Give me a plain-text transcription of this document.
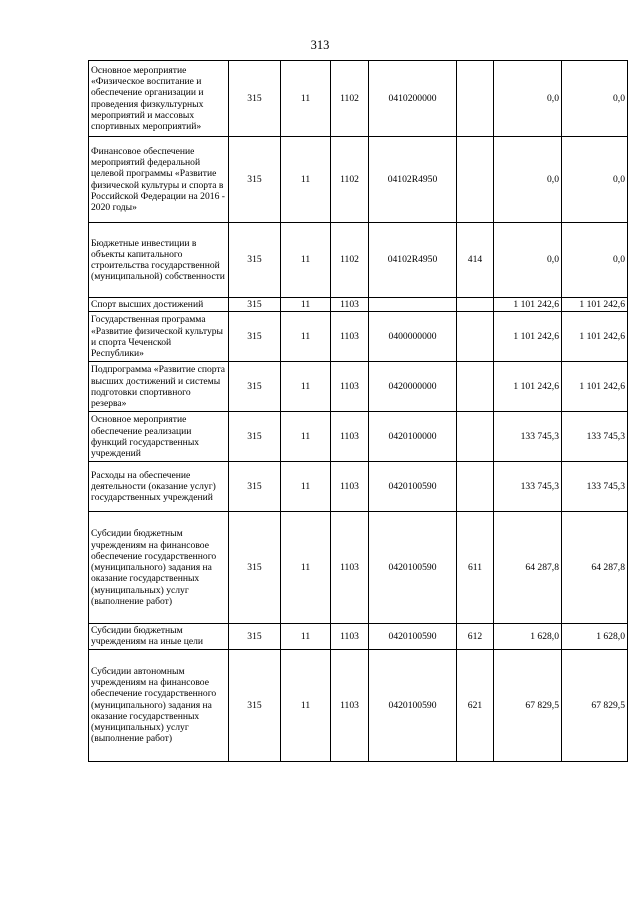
313
Основное мероприятие «Физическое воспитание и обеспечение организации и проведения физкультурных мероприятий и массовых спортивных мероприятий»	315	11	1102	0410200000		0,0	0,0
Финансовое обеспечение мероприятий федеральной целевой программы «Развитие физической культуры и спорта в Российской Федерации на 2016 - 2020 годы»	315	11	1102	04102R4950		0,0	0,0
Бюджетные инвестиции в объекты капитального строительства государственной (муниципальной) собственности	315	11	1102	04102R4950	414	0,0	0,0
Спорт высших достижений	315	11	1103			1 101 242,6	1 101 242,6
Государственная программа «Развитие физической культуры и спорта Чеченской Республики»	315	11	1103	0400000000		1 101 242,6	1 101 242,6
Подпрограмма «Развитие спорта высших достижений и системы подготовки спортивного резерва»	315	11	1103	0420000000		1 101 242,6	1 101 242,6
Основное мероприятие обеспечение реализации функций государственных учреждений	315	11	1103	0420100000		133 745,3	133 745,3
Расходы на обеспечение деятельности (оказание услуг) государственных учреждений	315	11	1103	0420100590		133 745,3	133 745,3
Субсидии бюджетным учреждениям на финансовое обеспечение государственного (муниципального) задания на оказание государственных (муниципальных) услуг (выполнение работ)	315	11	1103	0420100590	611	64 287,8	64 287,8
Субсидии бюджетным учреждениям на иные цели	315	11	1103	0420100590	612	1 628,0	1 628,0
Субсидии автономным учреждениям на финансовое обеспечение государственного (муниципального) задания на оказание государственных (муниципальных) услуг (выполнение работ)	315	11	1103	0420100590	621	67 829,5	67 829,5
